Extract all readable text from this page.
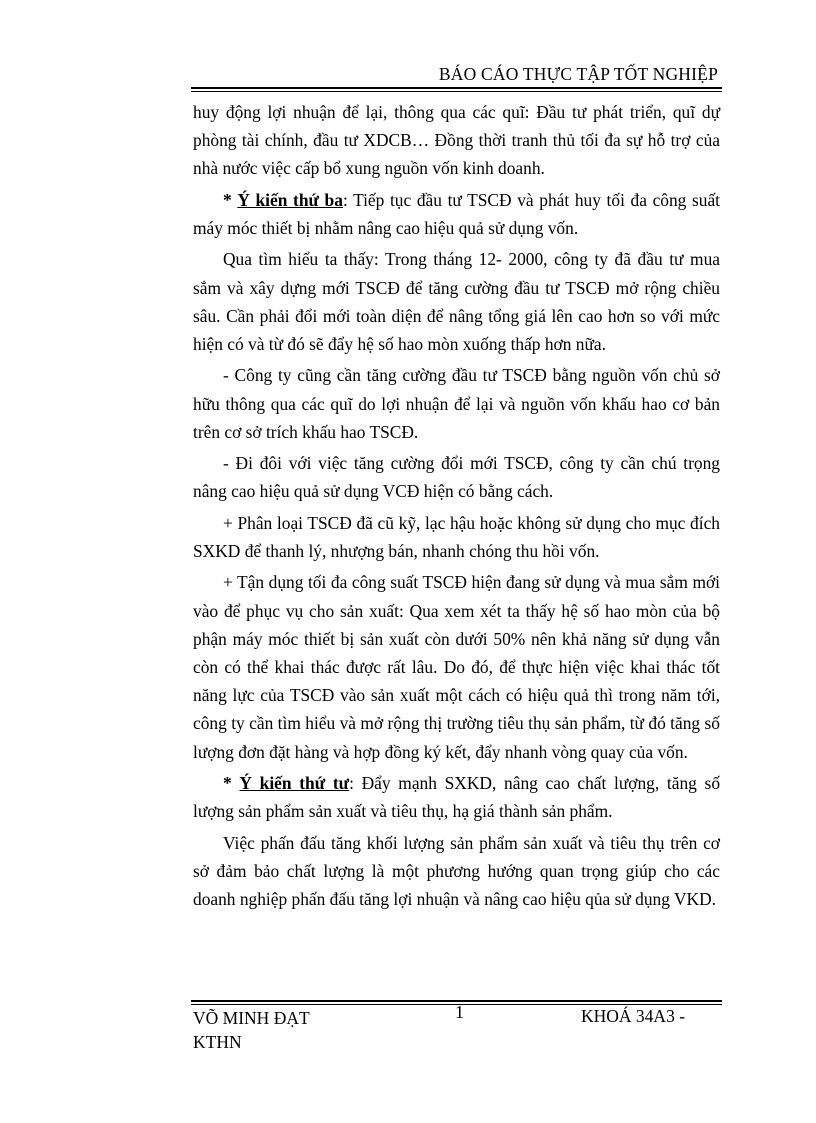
BÁO CÁO THỰC TẬP TỐT NGHIỆP

huy động lợi nhuận để lại, thông qua các quĩ: Đầu tư phát triển, quĩ dự phòng tài chính, đầu tư XDCB… Đồng thời tranh thủ tối đa sự hỗ trợ của nhà nước việc cấp bổ xung nguồn vốn kinh doanh.

* Ý kiến thứ ba: Tiếp tục đầu tư TSCĐ và phát huy tối đa công suất máy móc thiết bị nhằm nâng cao hiệu quả sử dụng vốn.

Qua tìm hiểu ta thấy: Trong tháng 12- 2000, công ty đã đầu tư mua sắm và xây dựng mới TSCĐ để tăng cường đầu tư TSCĐ mở rộng chiều sâu. Cần phải đổi mới toàn diện để nâng tổng giá lên cao hơn so với mức hiện có và từ đó sẽ đẩy hệ số hao mòn xuống thấp hơn nữa.

- Công ty cũng cần tăng cường đầu tư TSCĐ bằng nguồn vốn chủ sở hữu thông qua các quĩ do lợi nhuận để lại và nguồn vốn khấu hao cơ bản trên cơ sở trích khấu hao TSCĐ.

- Đi đôi với việc tăng cường đổi mới TSCĐ, công ty cần chú trọng nâng cao hiệu quả sử dụng VCĐ hiện có bằng cách.

+ Phân loại TSCĐ đã cũ kỹ, lạc hậu hoặc không sử dụng cho mục đích SXKD để thanh lý, nhượng bán, nhanh chóng thu hồi vốn.

+ Tận dụng tối đa công suất TSCĐ hiện đang sử dụng và mua sắm mới vào để phục vụ cho sản xuất: Qua xem xét ta thấy hệ số hao mòn của bộ phận máy móc thiết bị sản xuất còn dưới 50% nên khả năng sử dụng vẫn còn có thể khai thác được rất lâu. Do đó, để thực hiện việc khai thác tốt năng lực của TSCĐ vào sản xuất một cách có hiệu quả thì trong năm tới, công ty cần tìm hiểu và mở rộng thị trường tiêu thụ sản phẩm, từ đó tăng số lượng đơn đặt hàng và hợp đồng ký kết, đẩy nhanh vòng quay của vốn.

* Ý kiến thứ tư: Đẩy mạnh SXKD, nâng cao chất lượng, tăng số lượng sản phẩm sản xuất và tiêu thụ, hạ giá thành sản phẩm.

Việc phấn đấu tăng khối lượng sản phẩm sản xuất và tiêu thụ trên cơ sở đảm bảo chất lượng là một phương hướng quan trọng giúp cho các doanh nghiệp phấn đấu tăng lợi nhuận và nâng cao hiệu qủa sử dụng VKD.

VÕ MINH ĐẠT
KTHN
1	KHOÁ 34A3 -
